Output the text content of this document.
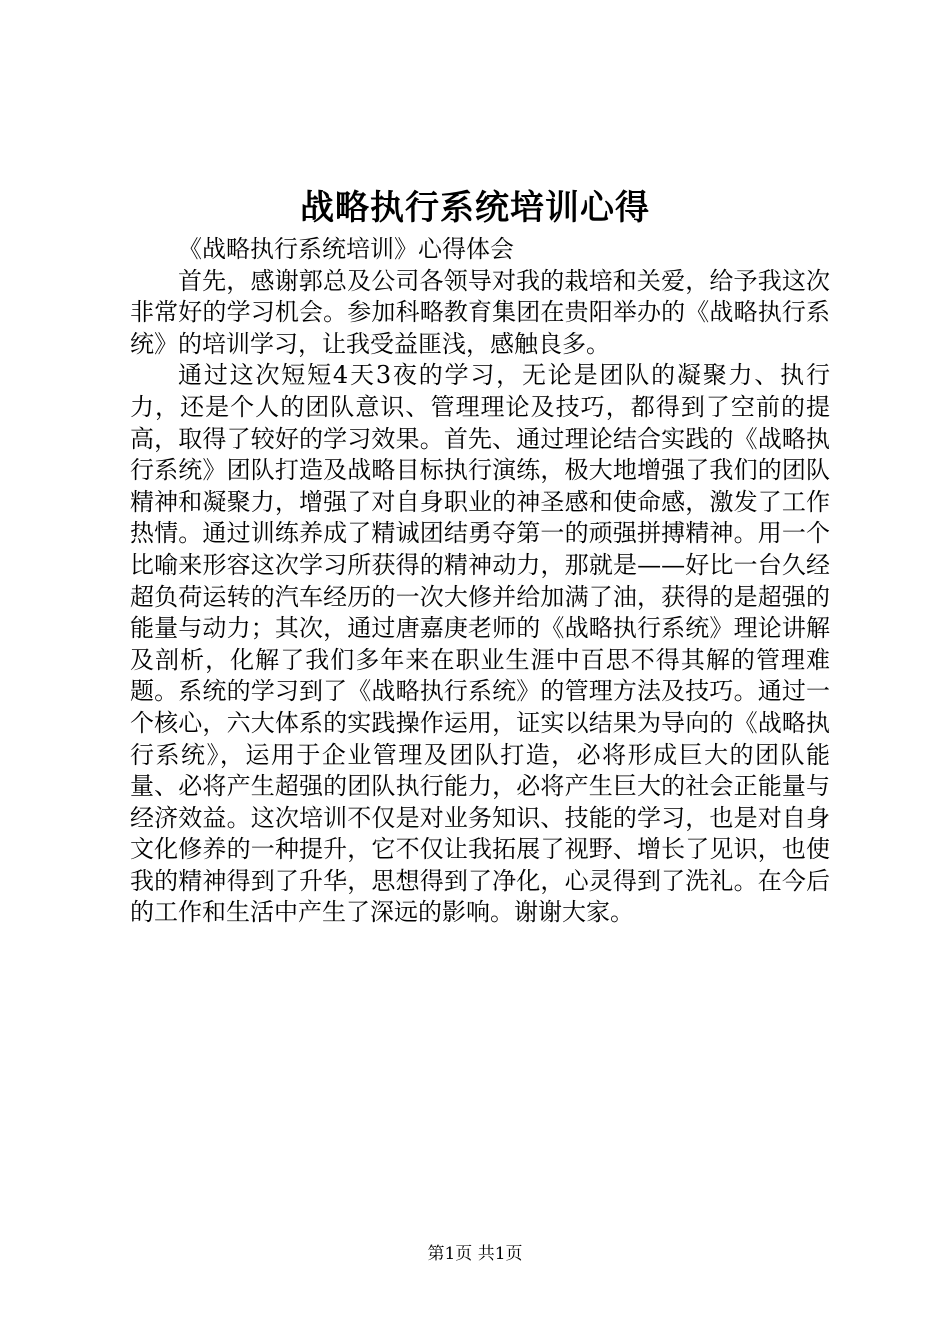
战略执行系统培训心得

《战略执行系统培训》心得体会

首先，感谢郭总及公司各领导对我的栽培和关爱，给予我这次非常好的学习机会。参加科略教育集团在贵阳举办的《战略执行系统》的培训学习，让我受益匪浅，感触良多。

通过这次短短4天3夜的学习，无论是团队的凝聚力、执行力，还是个人的团队意识、管理理论及技巧，都得到了空前的提高，取得了较好的学习效果。首先、通过理论结合实践的《战略执行系统》团队打造及战略目标执行演练，极大地增强了我们的团队精神和凝聚力，增强了对自身职业的神圣感和使命感，激发了工作热情。通过训练养成了精诚团结勇夺第一的顽强拼搏精神。用一个比喻来形容这次学习所获得的精神动力，那就是——好比一台久经超负荷运转的汽车经历的一次大修并给加满了油，获得的是超强的能量与动力；其次，通过唐嘉庚老师的《战略执行系统》理论讲解及剖析，化解了我们多年来在职业生涯中百思不得其解的管理难题。系统的学习到了《战略执行系统》的管理方法及技巧。通过一个核心，六大体系的实践操作运用，证实以结果为导向的《战略执行系统》，运用于企业管理及团队打造，必将形成巨大的团队能量、必将产生超强的团队执行能力，必将产生巨大的社会正能量与经济效益。这次培训不仅是对业务知识、技能的学习，也是对自身文化修养的一种提升，它不仅让我拓展了视野、增长了见识，也使我的精神得到了升华，思想得到了净化，心灵得到了洗礼。在今后的工作和生活中产生了深远的影响。谢谢大家。

第1页 共1页
